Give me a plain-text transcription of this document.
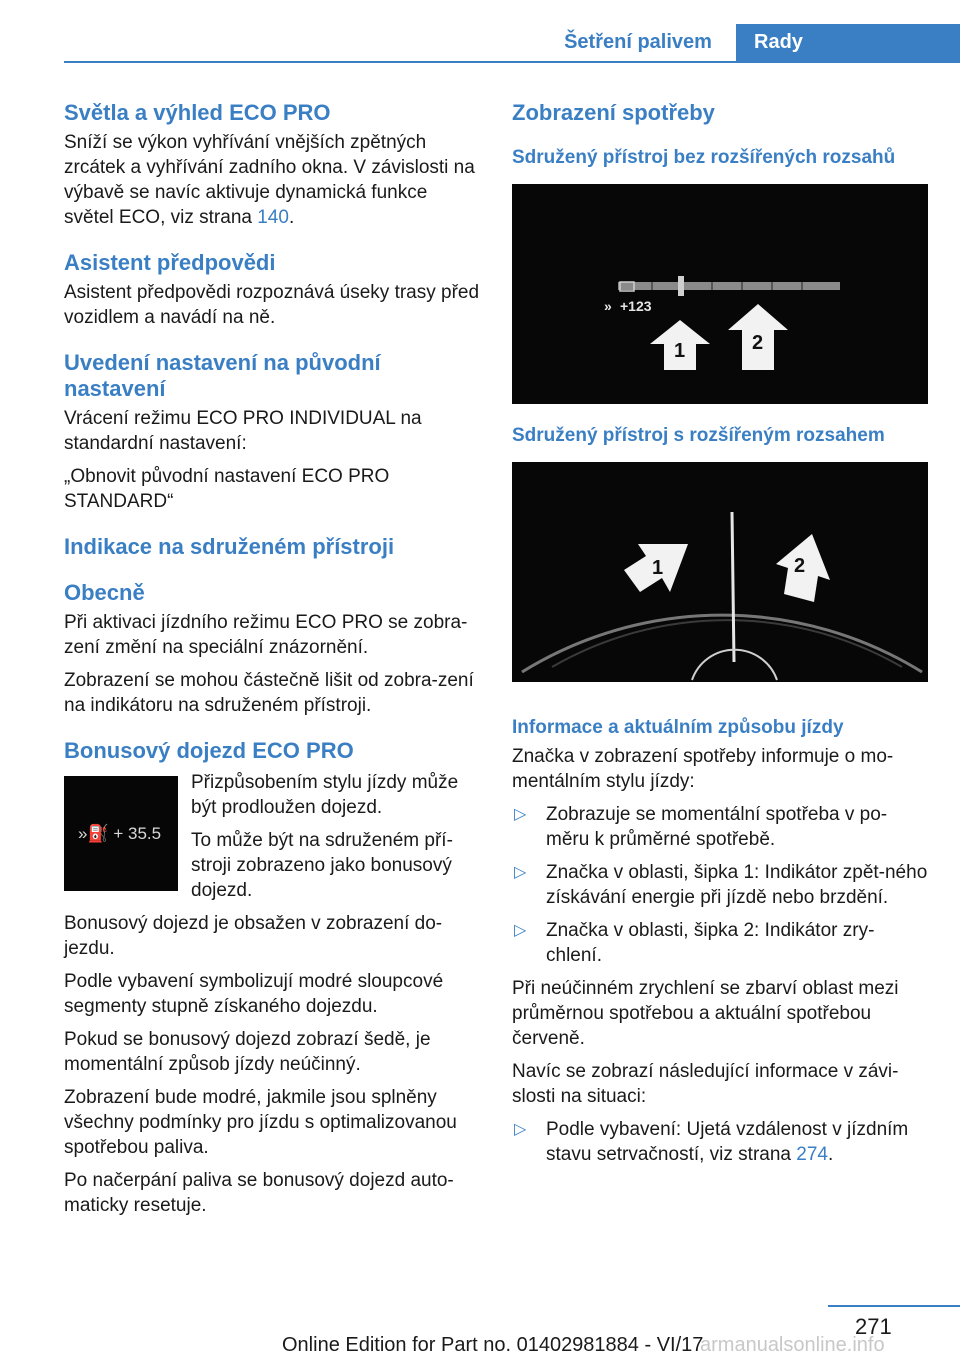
Šetření palivem	Rady
Světla a výhled ECO PRO

Sníží se výkon vyhřívání vnějších zpětných zrcátek a vyhřívání zadního okna. V závislosti na výbavě se navíc aktivuje dynamická funkce světel ECO, viz strana 140.

Asistent předpovědi

Asistent předpovědi rozpoznává úseky trasy před vozidlem a navádí na ně.

Uvedení nastavení na původní nastavení

Vrácení režimu ECO PRO INDIVIDUAL na standardní nastavení:

„Obnovit původní nastavení ECO PRO STANDARD“

Indikace na sdruženém přístroji
Obecně

Při aktivaci jízdního režimu ECO PRO se zobra-zení změní na speciální znázornění.

Zobrazení se mohou částečně lišit od zobra-zení na indikátoru na sdruženém přístroji.

Bonusový dojezd ECO PRO
»⛽ + 35.5

Přizpůsobením stylu jízdy může být prodloužen dojezd.

To může být na sdruženém pří-stroji zobrazeno jako bonusový dojezd.

Bonusový dojezd je obsažen v zobrazení do-jezdu.

Podle vybavení symbolizují modré sloupcové segmenty stupně získaného dojezdu.

Pokud se bonusový dojezd zobrazí šedě, je momentální způsob jízdy neúčinný.

Zobrazení bude modré, jakmile jsou splněny všechny podmínky pro jízdu s optimalizovanou spotřebou paliva.

Po načerpání paliva se bonusový dojezd auto-maticky resetuje.

Zobrazení spotřeby
Sdružený přístroj bez rozšířených rozsahů
» +123
1	2
Sdružený přístroj s rozšířeným rozsahem
1	2
Informace a aktuálním způsobu jízdy

Značka v zobrazení spotřeby informuje o mo-mentálním stylu jízdy:

▷ Zobrazuje se momentální spotřeba v po-měru k průměrné spotřebě.
▷ Značka v oblasti, šipka 1: Indikátor zpět-ného získávání energie při jízdě nebo brzdění.
▷ Značka v oblasti, šipka 2: Indikátor zry-chlení.

Při neúčinném zrychlení se zbarví oblast mezi průměrnou spotřebou a aktuální spotřebou červeně.

Navíc se zobrazí následující informace v závi-slosti na situaci:

▷ Podle vybavení: Ujetá vzdálenost v jízdním stavu setrvačností, viz strana 274.
271
Online Edition for Part no. 01402981884 - VI/17
armanualsonline.info
